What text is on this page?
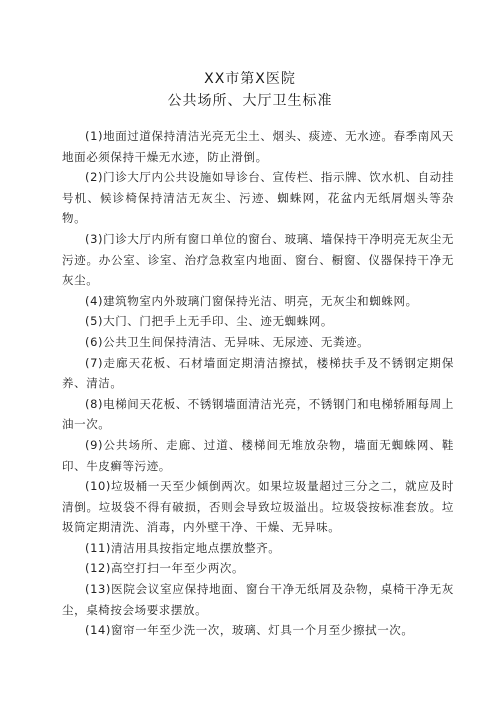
XX市第X医院
公共场所、大厅卫生标准

(1)地面过道保持清洁光亮无尘土、烟头、痰迹、无水迹。春季南风天地面必须保持干燥无水迹，防止滑倒。

(2)门诊大厅内公共设施如导诊台、宣传栏、指示牌、饮水机、自动挂号机、候诊椅保持清洁无灰尘、污迹、蜘蛛网，花盆内无纸屑烟头等杂物。

(3)门诊大厅内所有窗口单位的窗台、玻璃、墙保持干净明亮无灰尘无污迹。办公室、诊室、治疗急救室内地面、窗台、橱窗、仪器保持干净无灰尘。

(4)建筑物室内外玻璃门窗保持光洁、明亮，无灰尘和蜘蛛网。

(5)大门、门把手上无手印、尘、迹无蜘蛛网。

(6)公共卫生间保持清洁、无异味、无尿迹、无粪迹。

(7)走廊天花板、石材墙面定期清洁擦拭，楼梯扶手及不锈钢定期保养、清洁。

(8)电梯间天花板、不锈钢墙面清洁光亮，不锈钢门和电梯轿厢每周上油一次。

(9)公共场所、走廊、过道、楼梯间无堆放杂物，墙面无蜘蛛网、鞋印、牛皮癣等污迹。

(10)垃圾桶一天至少倾倒两次。如果垃圾量超过三分之二，就应及时清倒。垃圾袋不得有破损，否则会导致垃圾溢出。垃圾袋按标准套放。垃圾筒定期清洗、消毒，内外壁干净、干燥、无异味。

(11)清洁用具按指定地点摆放整齐。

(12)高空打扫一年至少两次。

(13)医院会议室应保持地面、窗台干净无纸屑及杂物，桌椅干净无灰尘，桌椅按会场要求摆放。

(14)窗帘一年至少洗一次，玻璃、灯具一个月至少擦拭一次。
